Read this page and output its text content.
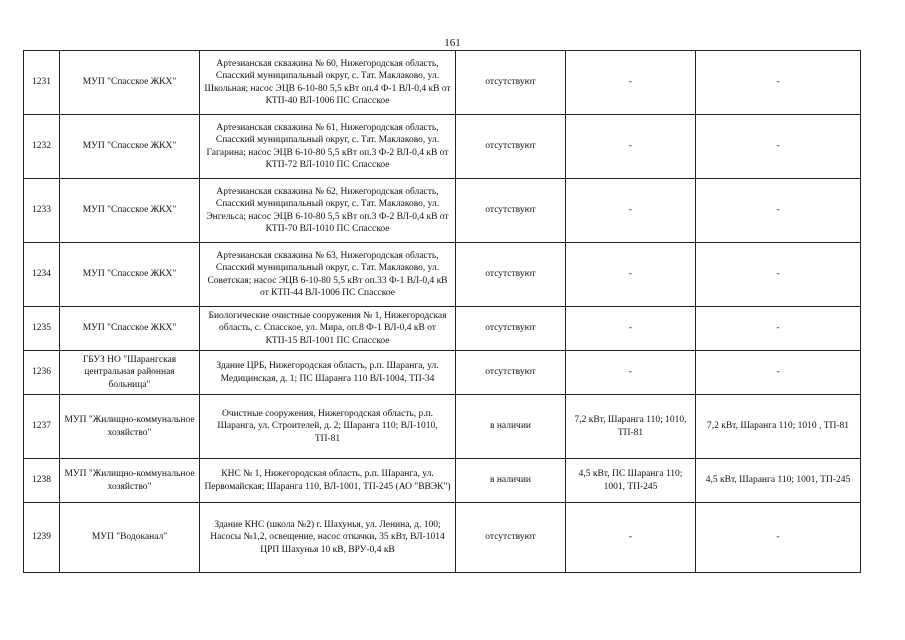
161
1231	МУП "Спасское ЖКХ"	Артезианская скважина № 60, Нижегородская область, Спасский муниципальный округ, с. Тат. Маклаково, ул. Школьная; насос ЭЦВ 6-10-80 5,5 кВт оп.4 Ф-1 ВЛ-0,4 кВ от КТП-40 ВЛ-1006 ПС Спасское	отсутствуют	-	-
1232	МУП "Спасское ЖКХ"	Артезианская скважина № 61, Нижегородская область, Спасский муниципальный округ, с. Тат. Маклаково, ул. Гагарина; насос ЭЦВ 6-10-80 5,5 кВт оп.3 Ф-2 ВЛ-0,4 кВ от КТП-72 ВЛ-1010 ПС Спасское	отсутствуют	-	-
1233	МУП "Спасское ЖКХ"	Артезианская скважина № 62, Нижегородская область, Спасский муниципальный округ, с. Тат. Маклаково, ул. Энгельса; насос ЭЦВ 6-10-80 5,5 кВт оп.3 Ф-2 ВЛ-0,4 кВ от КТП-70 ВЛ-1010 ПС Спасское	отсутствуют	-	-
1234	МУП "Спасское ЖКХ"	Артезианская скважина № 63, Нижегородская область, Спасский муниципальный округ, с. Тат. Маклаково, ул. Советская; насос ЭЦВ 6-10-80 5,5 кВт оп.33 Ф-1 ВЛ-0,4 кВ от КТП-44 ВЛ-1006 ПС Спасское	отсутствуют	-	-
1235	МУП "Спасское ЖКХ"	Биологические очистные сооружения № 1, Нижегородская область, с. Спасское, ул. Мира, оп.8 Ф-1 ВЛ-0,4 кВ от КТП-15 ВЛ-1001 ПС Спасское	отсутствуют	-	-
1236	ГБУЗ НО "Шарангская центральная районная больница"	Здание ЦРБ, Нижегородская область, р.п. Шаранга, ул. Медицинская, д. 1; ПС Шаранга 110 ВЛ-1004, ТП-34	отсутствуют	-	-
1237	МУП "Жилищно-коммунальное хозяйство"	Очистные сооружения, Нижегородская область, р.п. Шаранга, ул. Строителей, д. 2; Шаранга 110; ВЛ-1010, ТП-81	в наличии	7,2 кВт, Шаранга 110; 1010, ТП-81	7,2 кВт, Шаранга 110; 1010 , ТП-81
1238	МУП "Жилищно-коммунальное хозяйство"	КНС № 1, Нижегородская область, р.п. Шаранга, ул. Первомайская; Шаранга 110, ВЛ-1001, ТП-245 (АО "ВВЭК")	в наличии	4,5 кВт, ПС Шаранга 110; 1001, ТП-245	4,5 кВт, Шаранга 110; 1001, ТП-245
1239	МУП "Водоканал"	Здание КНС (школа №2) г. Шахунья, ул. Ленина, д. 100; Насосы №1,2, освещение, насос откачки, 35 кВт, ВЛ-1014 ЦРП Шахунья 10 кВ, ВРУ-0,4 кВ	отсутствуют	-	-
